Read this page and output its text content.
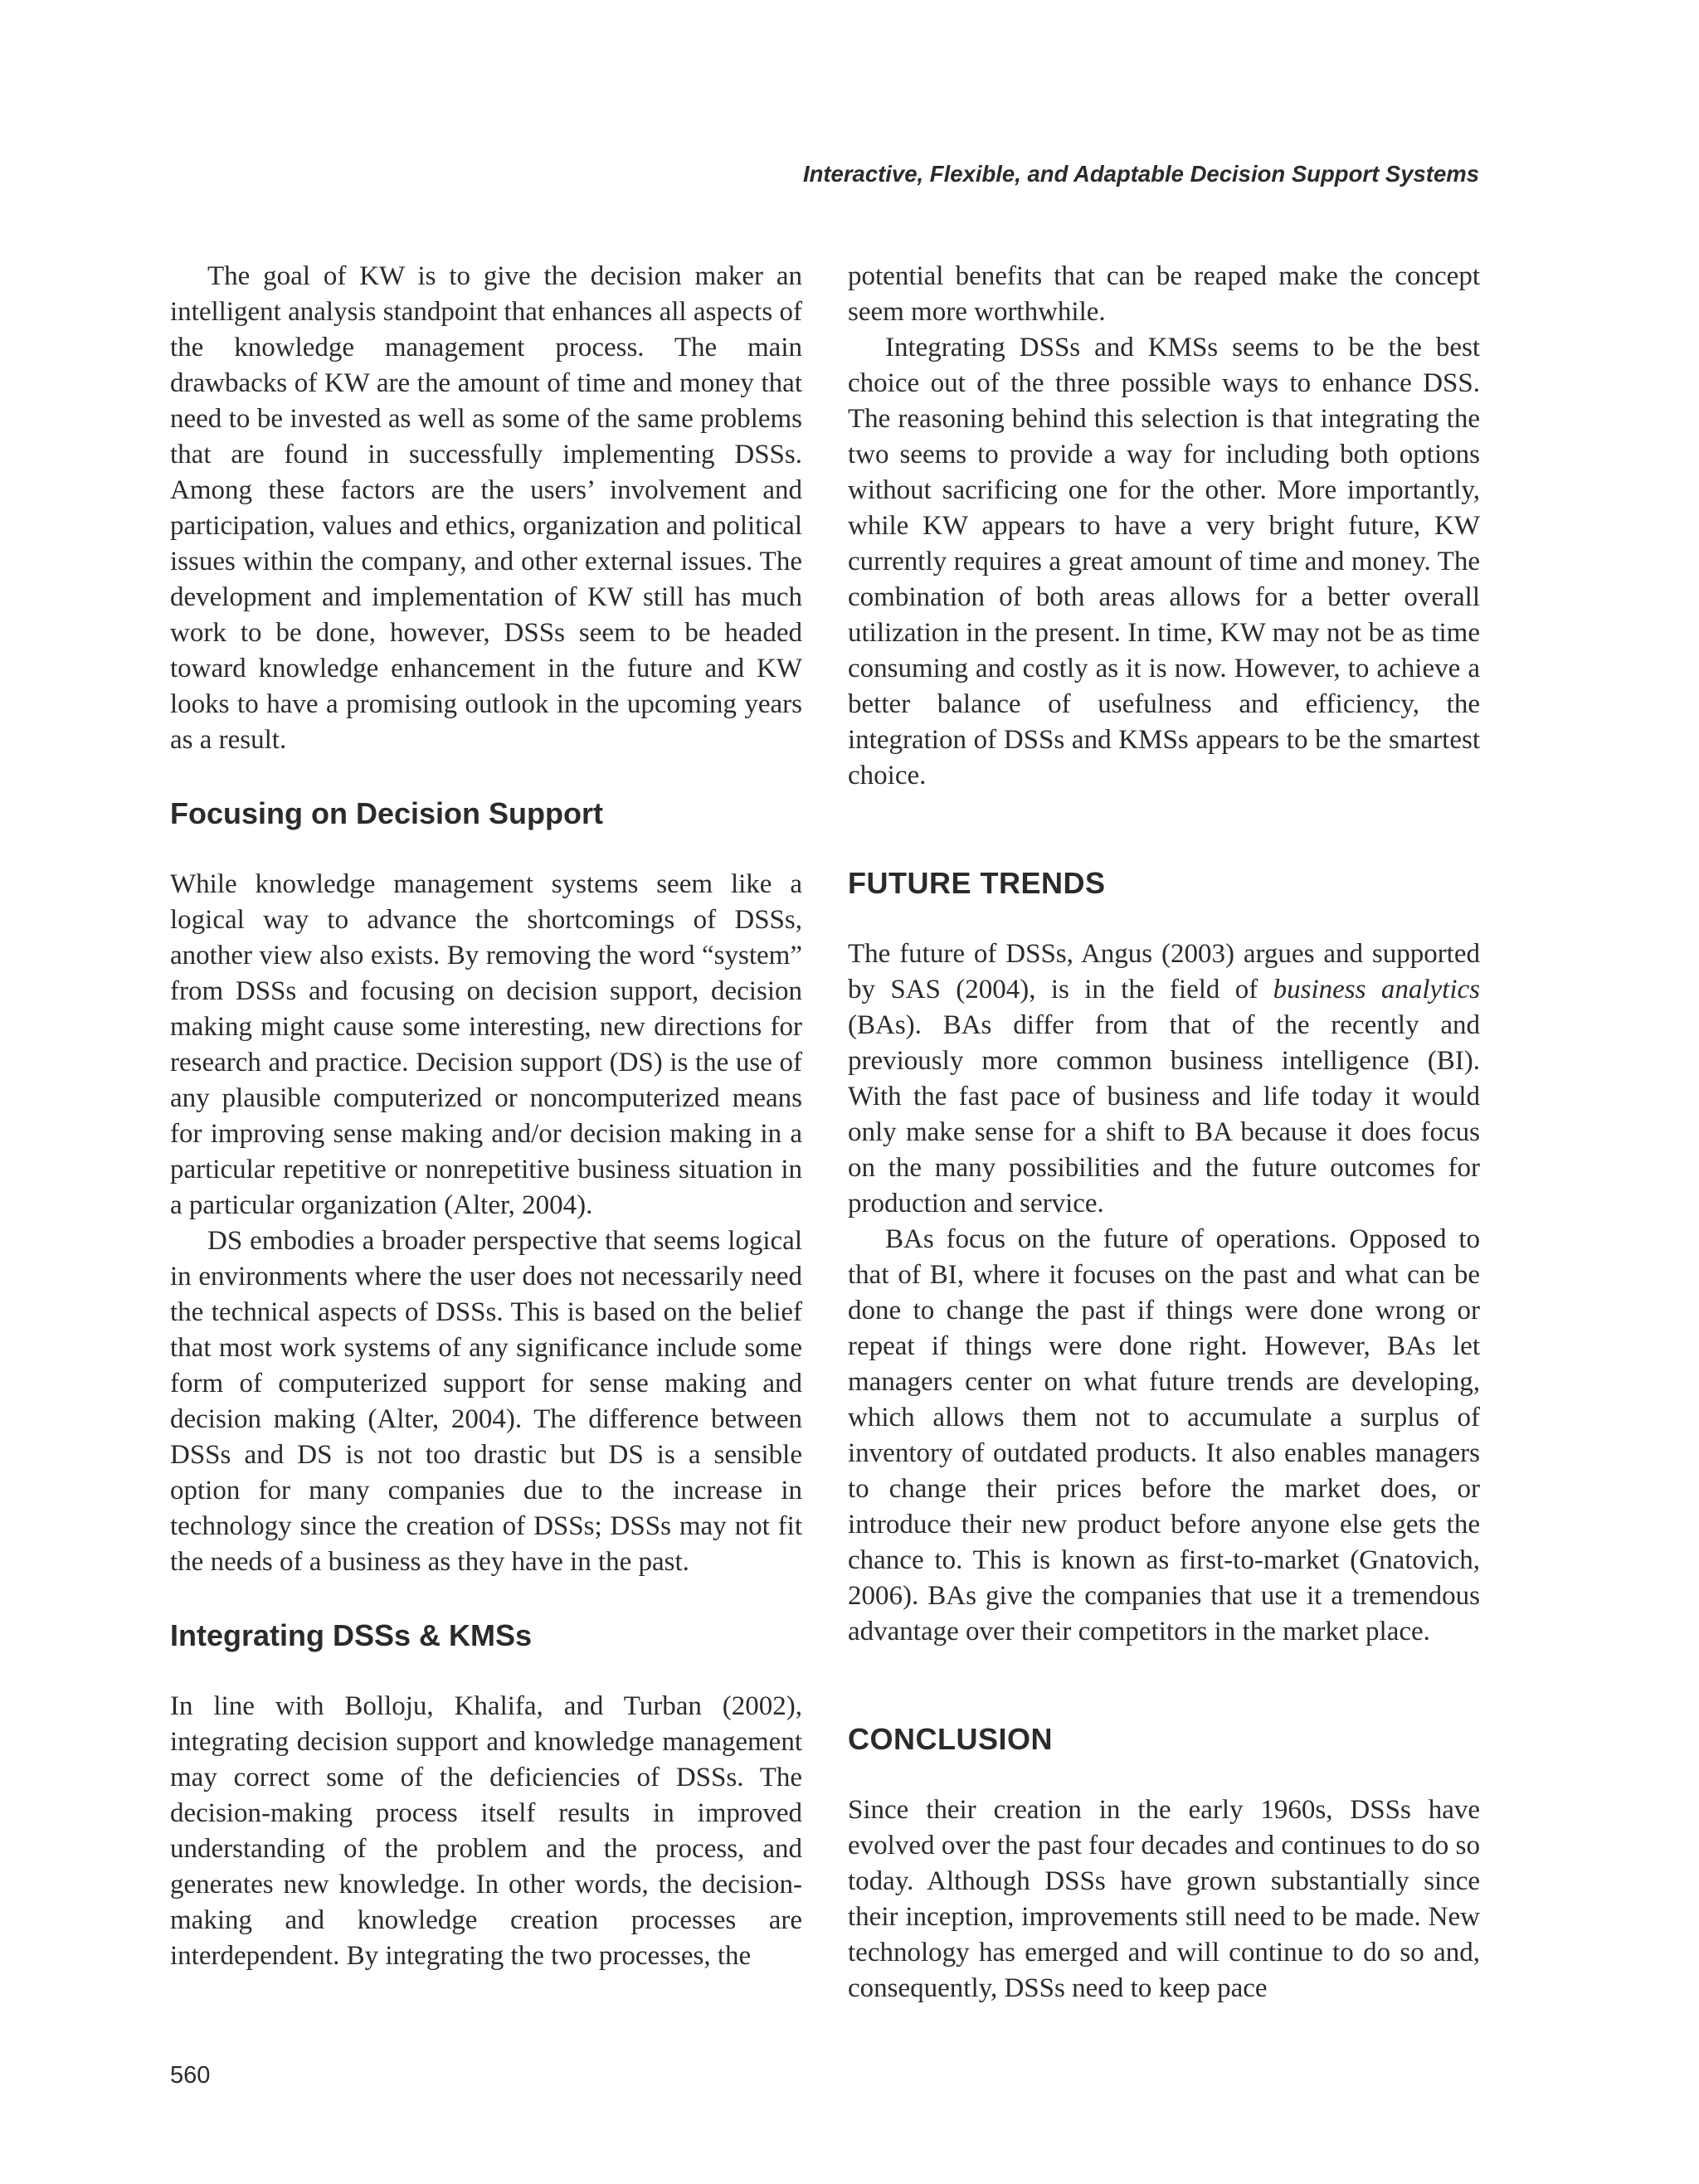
Interactive, Flexible, and Adaptable Decision Support Systems

The goal of KW is to give the decision maker an intelligent analysis standpoint that enhances all aspects of the knowledge management process. The main drawbacks of KW are the amount of time and money that need to be invested as well as some of the same problems that are found in successfully implementing DSSs. Among these factors are the users’ involvement and participation, values and ethics, organization and political issues within the company, and other external issues. The development and implementation of KW still has much work to be done, however, DSSs seem to be headed toward knowledge enhancement in the future and KW looks to have a promising outlook in the upcoming years as a result.

Focusing on Decision Support

While knowledge management systems seem like a logical way to advance the shortcomings of DSSs, another view also exists. By removing the word “system” from DSSs and focusing on decision support, decision making might cause some interesting, new directions for research and practice. Decision support (DS) is the use of any plausible computerized or noncomputerized means for improving sense making and/or decision making in a particular repetitive or nonrepetitive business situation in a particular organization (Alter, 2004).

DS embodies a broader perspective that seems logical in environments where the user does not necessarily need the technical aspects of DSSs. This is based on the belief that most work systems of any significance include some form of computerized support for sense making and decision making (Alter, 2004). The difference between DSSs and DS is not too drastic but DS is a sensible option for many companies due to the increase in technology since the creation of DSSs; DSSs may not fit the needs of a business as they have in the past.

Integrating DSSs & KMSs

In line with Bolloju, Khalifa, and Turban (2002), integrating decision support and knowledge management may correct some of the deficiencies of DSSs. The decision-making process itself results in improved understanding of the problem and the process, and generates new knowledge. In other words, the decision-making and knowledge creation processes are interdependent. By integrating the two processes, the

potential benefits that can be reaped make the concept seem more worthwhile.

Integrating DSSs and KMSs seems to be the best choice out of the three possible ways to enhance DSS. The reasoning behind this selection is that integrating the two seems to provide a way for including both options without sacrificing one for the other. More importantly, while KW appears to have a very bright future, KW currently requires a great amount of time and money. The combination of both areas allows for a better overall utilization in the present. In time, KW may not be as time consuming and costly as it is now. However, to achieve a better balance of usefulness and efficiency, the integration of DSSs and KMSs appears to be the smartest choice.

FUTURE TRENDS

The future of DSSs, Angus (2003) argues and supported by SAS (2004), is in the field of business analytics (BAs). BAs differ from that of the recently and previously more common business intelligence (BI). With the fast pace of business and life today it would only make sense for a shift to BA because it does focus on the many possibilities and the future outcomes for production and service.

BAs focus on the future of operations. Opposed to that of BI, where it focuses on the past and what can be done to change the past if things were done wrong or repeat if things were done right. However, BAs let managers center on what future trends are developing, which allows them not to accumulate a surplus of inventory of outdated products. It also enables managers to change their prices before the market does, or introduce their new product before anyone else gets the chance to. This is known as first-to-market (Gnatovich, 2006). BAs give the companies that use it a tremendous advantage over their competitors in the market place.

CONCLUSION

Since their creation in the early 1960s, DSSs have evolved over the past four decades and continues to do so today. Although DSSs have grown substantially since their inception, improvements still need to be made. New technology has emerged and will continue to do so and, consequently, DSSs need to keep pace

560
